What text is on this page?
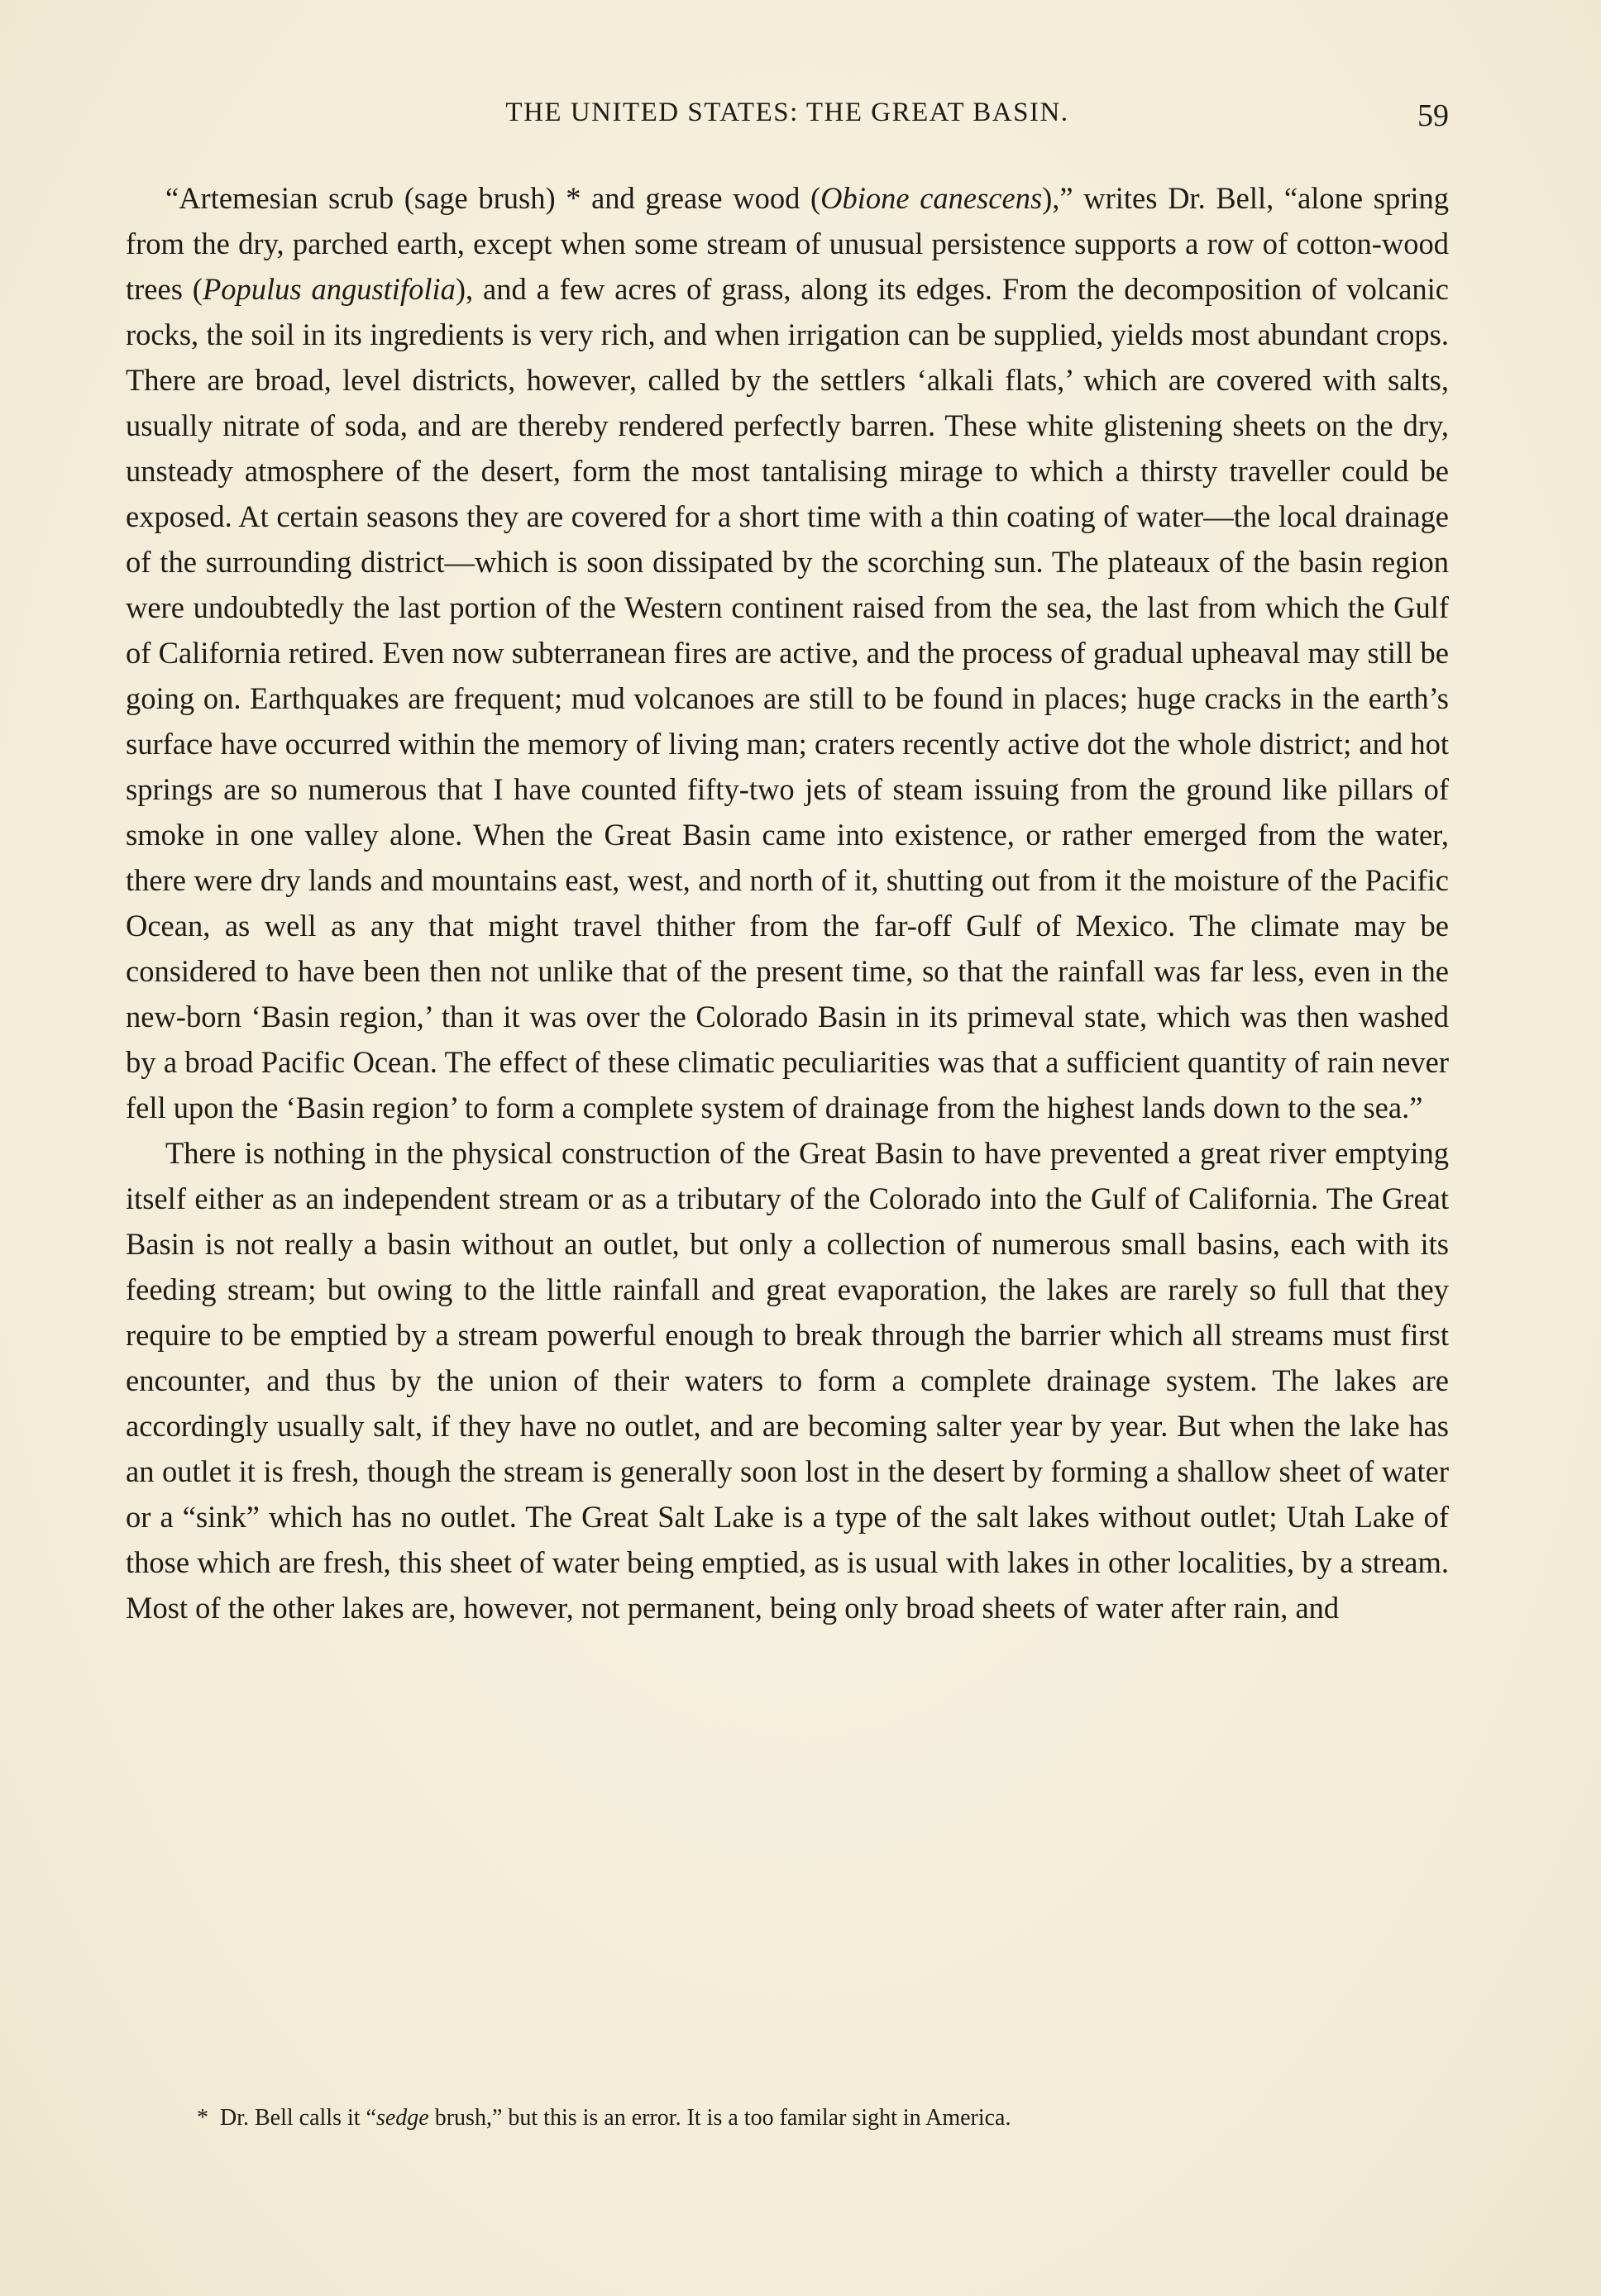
THE UNITED STATES: THE GREAT BASIN.	59

“Artemesian scrub (sage brush) * and grease wood (Obione canescens),” writes Dr. Bell, “alone spring from the dry, parched earth, except when some stream of unusual persistence supports a row of cotton-wood trees (Populus angustifolia), and a few acres of grass, along its edges. From the decomposition of volcanic rocks, the soil in its ingredients is very rich, and when irrigation can be supplied, yields most abundant crops. There are broad, level districts, however, called by the settlers ‘alkali flats,’ which are covered with salts, usually nitrate of soda, and are thereby rendered perfectly barren. These white glistening sheets on the dry, unsteady atmosphere of the desert, form the most tantalising mirage to which a thirsty traveller could be exposed. At certain seasons they are covered for a short time with a thin coating of water—the local drainage of the surrounding district—which is soon dissipated by the scorching sun. The plateaux of the basin region were undoubtedly the last portion of the Western continent raised from the sea, the last from which the Gulf of California retired. Even now subterranean fires are active, and the process of gradual upheaval may still be going on. Earthquakes are frequent; mud volcanoes are still to be found in places; huge cracks in the earth’s surface have occurred within the memory of living man; craters recently active dot the whole district; and hot springs are so numerous that I have counted fifty-two jets of steam issuing from the ground like pillars of smoke in one valley alone. When the Great Basin came into existence, or rather emerged from the water, there were dry lands and mountains east, west, and north of it, shutting out from it the moisture of the Pacific Ocean, as well as any that might travel thither from the far-off Gulf of Mexico. The climate may be considered to have been then not unlike that of the present time, so that the rainfall was far less, even in the new-born ‘Basin region,’ than it was over the Colorado Basin in its primeval state, which was then washed by a broad Pacific Ocean. The effect of these climatic peculiarities was that a sufficient quantity of rain never fell upon the ‘Basin region’ to form a complete system of drainage from the highest lands down to the sea.”

There is nothing in the physical construction of the Great Basin to have prevented a great river emptying itself either as an independent stream or as a tributary of the Colorado into the Gulf of California. The Great Basin is not really a basin without an outlet, but only a collection of numerous small basins, each with its feeding stream; but owing to the little rainfall and great evaporation, the lakes are rarely so full that they require to be emptied by a stream powerful enough to break through the barrier which all streams must first encounter, and thus by the union of their waters to form a complete drainage system. The lakes are accordingly usually salt, if they have no outlet, and are becoming salter year by year. But when the lake has an outlet it is fresh, though the stream is generally soon lost in the desert by forming a shallow sheet of water or a “sink” which has no outlet. The Great Salt Lake is a type of the salt lakes without outlet; Utah Lake of those which are fresh, this sheet of water being emptied, as is usual with lakes in other localities, by a stream. Most of the other lakes are, however, not permanent, being only broad sheets of water after rain, and

* Dr. Bell calls it “sedge brush,” but this is an error. It is a too familar sight in America.
